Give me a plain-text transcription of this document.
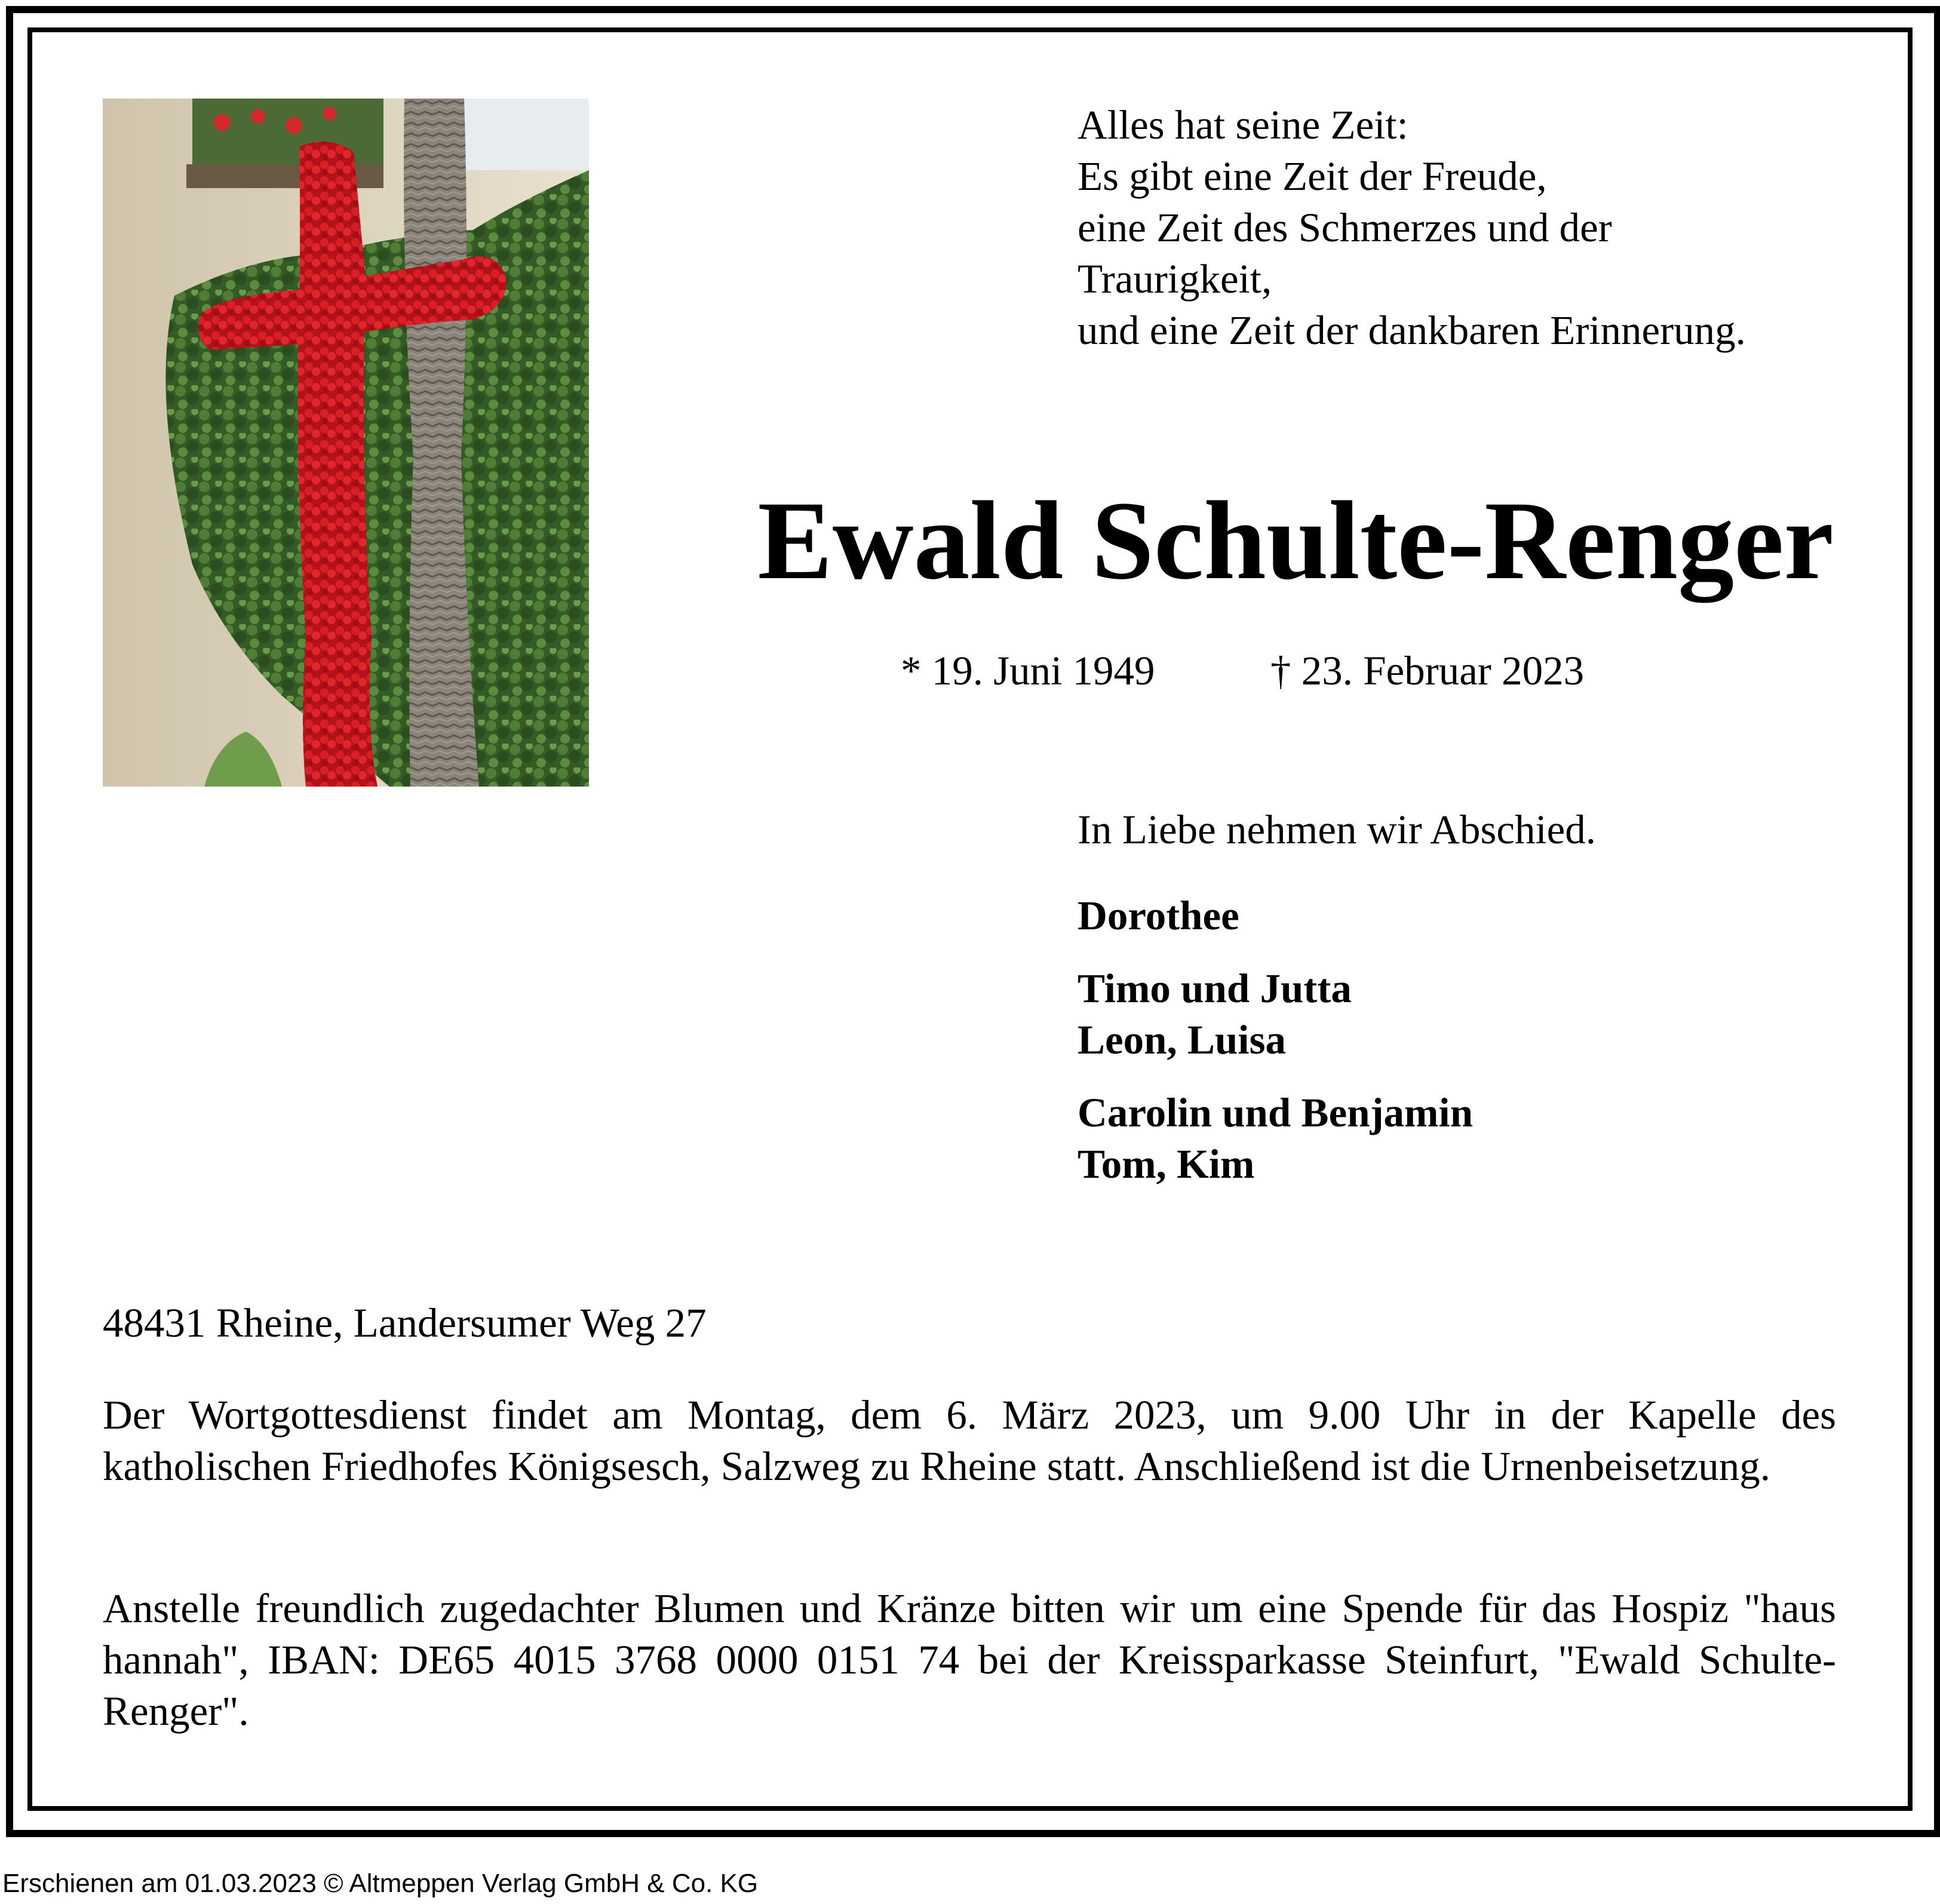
Alles hat seine Zeit:
Es gibt eine Zeit der Freude,
eine Zeit des Schmerzes und der
Traurigkeit,
und eine Zeit der dankbaren Erinnerung.
Ewald Schulte-Renger
* 19. Juni 1949	† 23. Februar 2023
In Liebe nehmen wir Abschied.
Dorothee
Timo und Jutta
Leon, Luisa
Carolin und Benjamin
Tom, Kim
48431 Rheine, Landersumer Weg 27
Der Wortgottesdienst findet am Montag, dem 6. März 2023, um 9.00 Uhr in der Kapelle des katholischen Friedhofes Königsesch, Salzweg zu Rheine statt. Anschließend ist die Urnenbeisetzung.
Anstelle freundlich zugedachter Blumen und Kränze bitten wir um eine Spende für das Hospiz "haus hannah", IBAN: DE65 4015 3768 0000 0151 74 bei der Kreissparkasse Steinfurt, "Ewald Schulte-Renger".
Erschienen am 01.03.2023 © Altmeppen Verlag GmbH & Co. KG
